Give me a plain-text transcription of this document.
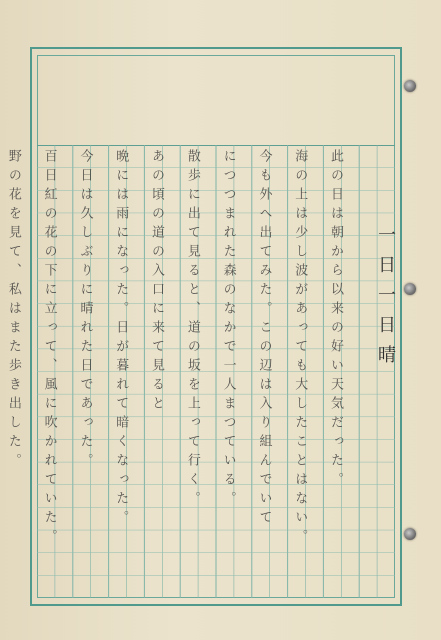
一日一日晴
此の日は朝から以来の好い天気だった。
海の上は少し波があっても大したことはない。
今も外へ出てみた。この辺は入り組んでいて
につつまれた森のなかで一人まつている。
散歩に出て見ると、道の坂を上って行く。
あの頃の道の入口に来て見ると
晩には雨になった。日が暮れて暗くなった。
今日は久しぶりに晴れた日であった。
百日紅の花の下に立って、風に吹かれていた。
野の花を見て、私はまた歩き出した。
